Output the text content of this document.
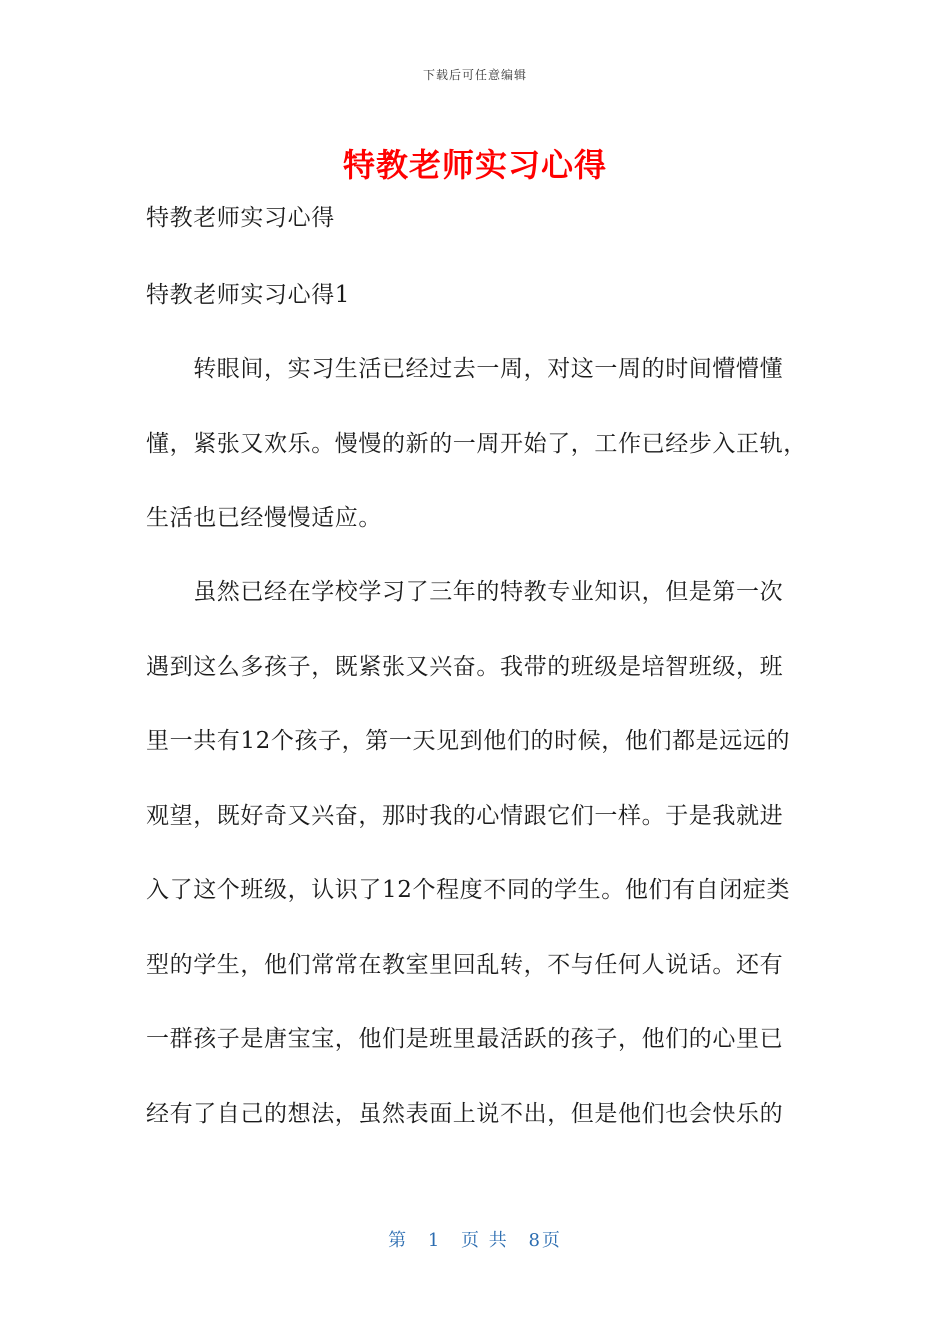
下载后可任意编辑
特教老师实习心得
特教老师实习心得
特教老师实习心得1
　　转眼间，实习生活已经过去一周，对这一周的时间懵懵懂
懂，紧张又欢乐。慢慢的新的一周开始了，工作已经步入正轨，
生活也已经慢慢适应。
　　虽然已经在学校学习了三年的特教专业知识，但是第一次
遇到这么多孩子，既紧张又兴奋。我带的班级是培智班级，班
里一共有12个孩子，第一天见到他们的时候，他们都是远远的
观望，既好奇又兴奋，那时我的心情跟它们一样。于是我就进
入了这个班级，认识了12个程度不同的学生。他们有自闭症类
型的学生，他们常常在教室里回乱转，不与任何人说话。还有
一群孩子是唐宝宝，他们是班里最活跃的孩子，他们的心里已
经有了自己的想法，虽然表面上说不出，但是他们也会快乐的
第 1 页 共 8页
